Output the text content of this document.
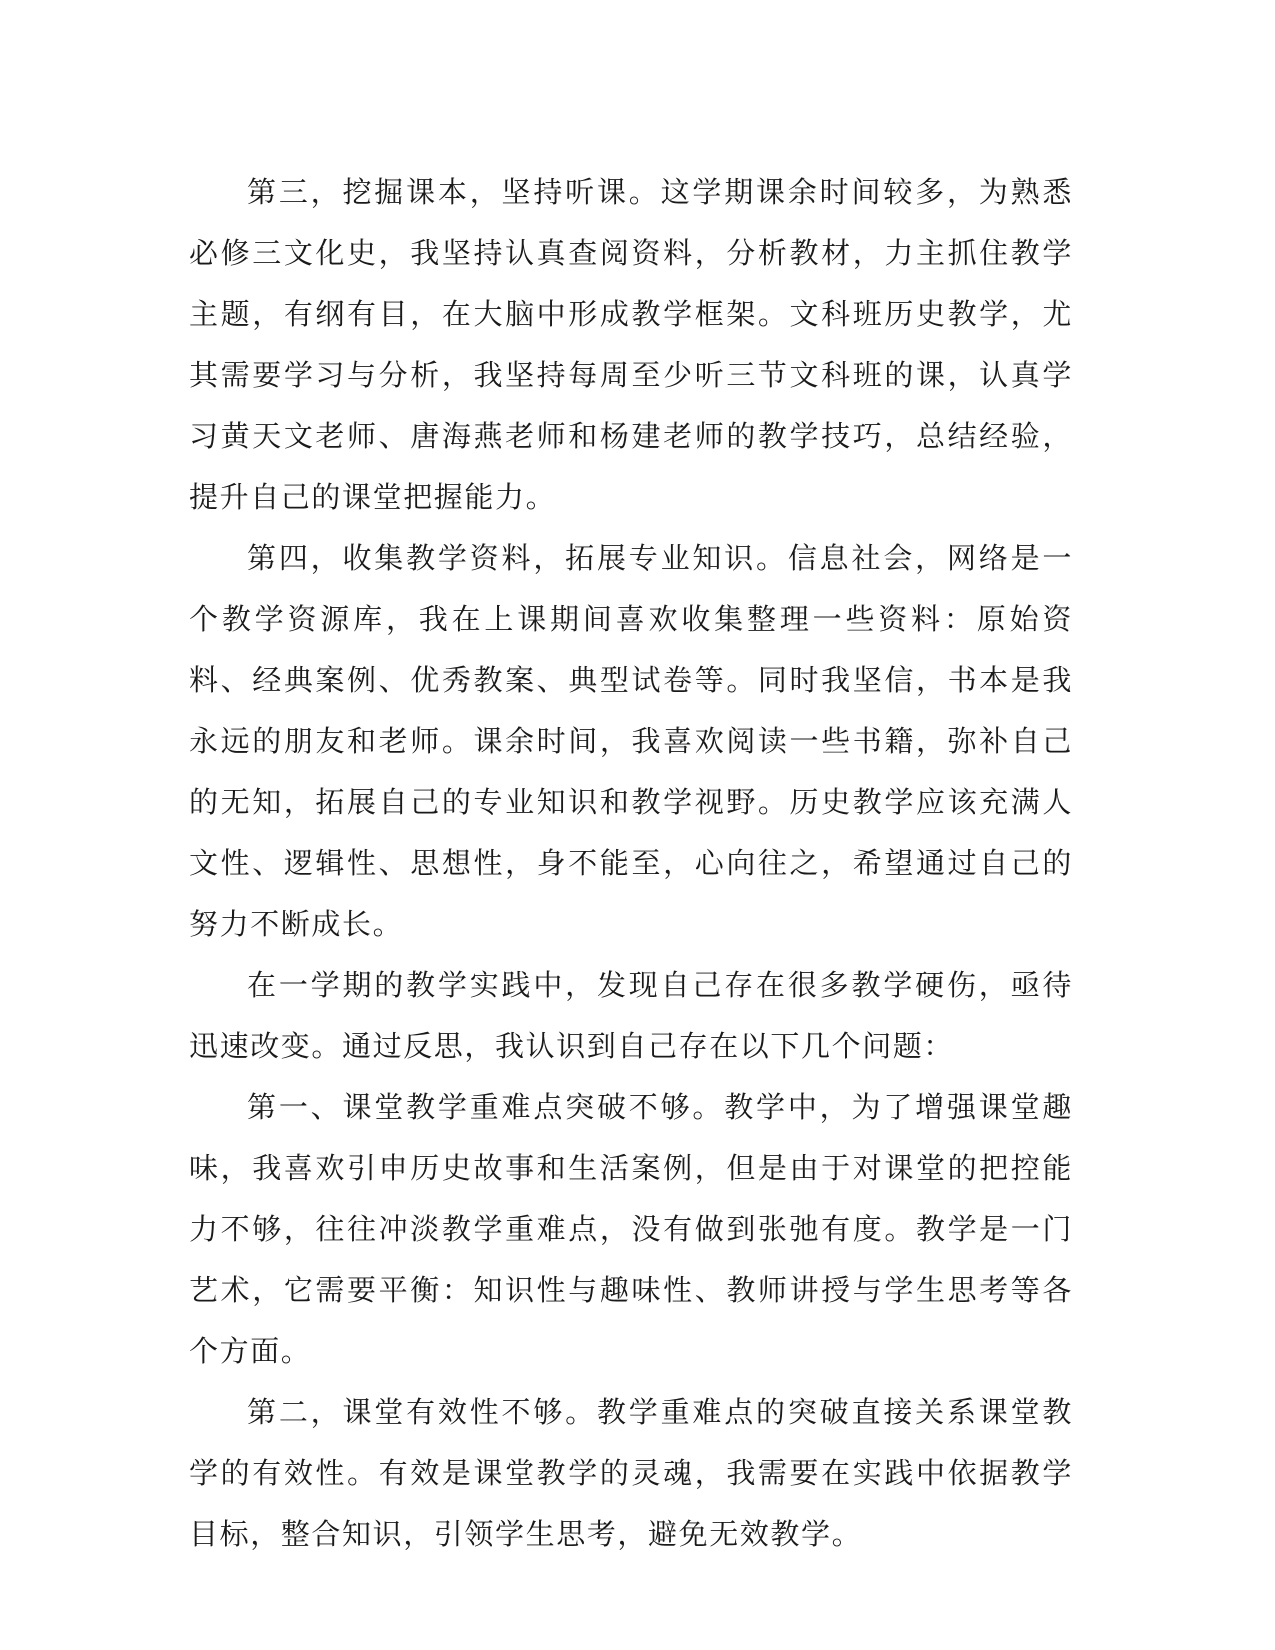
第三，挖掘课本，坚持听课。这学期课余时间较多，为熟悉必修三文化史，我坚持认真查阅资料，分析教材，力主抓住教学主题，有纲有目，在大脑中形成教学框架。文科班历史教学，尤其需要学习与分析，我坚持每周至少听三节文科班的课，认真学习黄天文老师、唐海燕老师和杨建老师的教学技巧，总结经验，提升自己的课堂把握能力。

第四，收集教学资料，拓展专业知识。信息社会，网络是一个教学资源库，我在上课期间喜欢收集整理一些资料：原始资料、经典案例、优秀教案、典型试卷等。同时我坚信，书本是我永远的朋友和老师。课余时间，我喜欢阅读一些书籍，弥补自己的无知，拓展自己的专业知识和教学视野。历史教学应该充满人文性、逻辑性、思想性，身不能至，心向往之，希望通过自己的努力不断成长。

在一学期的教学实践中，发现自己存在很多教学硬伤，亟待迅速改变。通过反思，我认识到自己存在以下几个问题：

第一、课堂教学重难点突破不够。教学中，为了增强课堂趣味，我喜欢引申历史故事和生活案例，但是由于对课堂的把控能力不够，往往冲淡教学重难点，没有做到张弛有度。教学是一门艺术，它需要平衡：知识性与趣味性、教师讲授与学生思考等各个方面。

第二，课堂有效性不够。教学重难点的突破直接关系课堂教学的有效性。有效是课堂教学的灵魂，我需要在实践中依据教学目标，整合知识，引领学生思考，避免无效教学。
